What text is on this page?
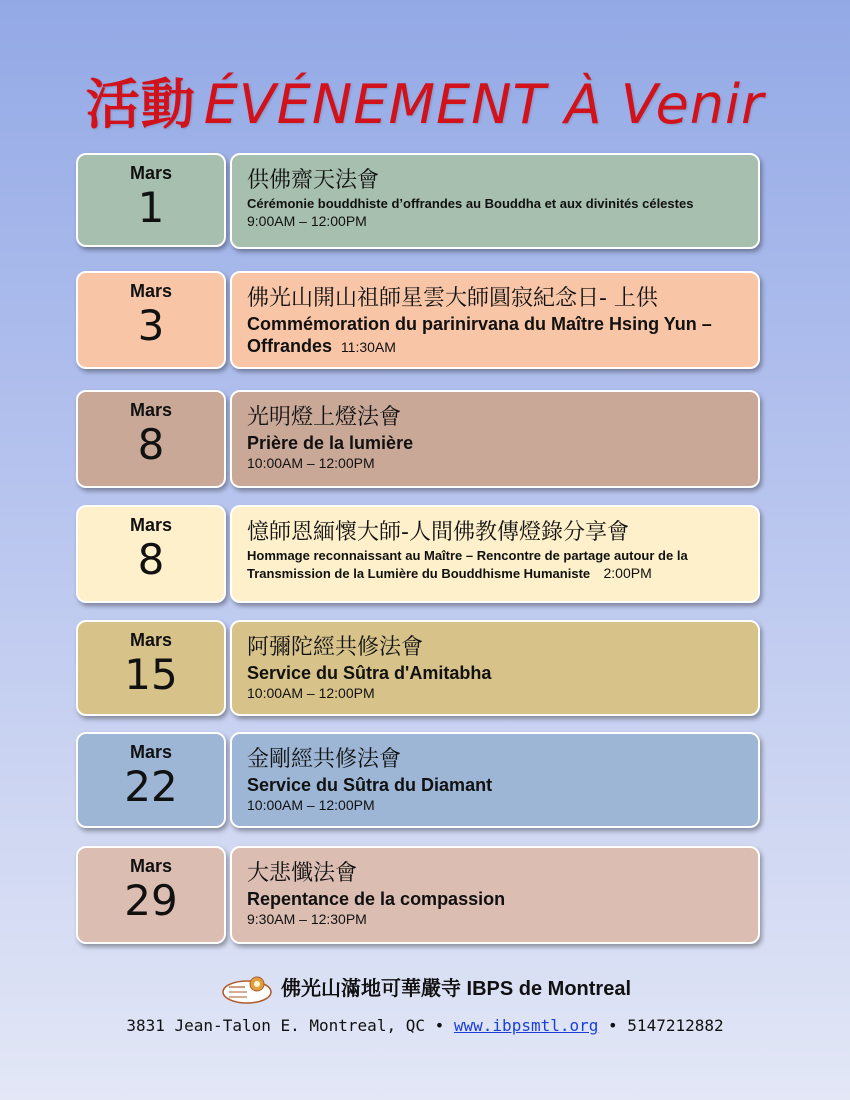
活動 ÉVÉNEMENT À Venir
Mars
1
供佛齋天法會
Cérémonie bouddhiste d’offrandes au Bouddha et aux divinités célestes  9:00AM – 12:00PM
Mars
3
佛光山開山祖師星雲大師圓寂紀念日- 上供
Commémoration du parinirvana du Maître Hsing Yun – Offrandes 11:30AM
Mars
8
光明燈上燈法會
Prière de la lumière
10:00AM – 12:00PM
Mars
8
憶師恩緬懷大師-人間佛教傳燈錄分享會
Hommage reconnaissant au Maître – Rencontre de partage autour de la Transmission de la Lumière du Bouddhisme Humaniste 2:00PM
Mars
15
阿彌陀經共修法會
Service du Sûtra d'Amitabha
10:00AM – 12:00PM
Mars
22
金剛經共修法會
Service du Sûtra du Diamant
10:00AM – 12:00PM
Mars
29
大悲懺法會
Repentance de la compassion
9:30AM – 12:30PM
佛光山滿地可華嚴寺 IBPS de Montreal
3831 Jean-Talon E. Montreal, QC • www.ibpsmtl.org • 5147212882
